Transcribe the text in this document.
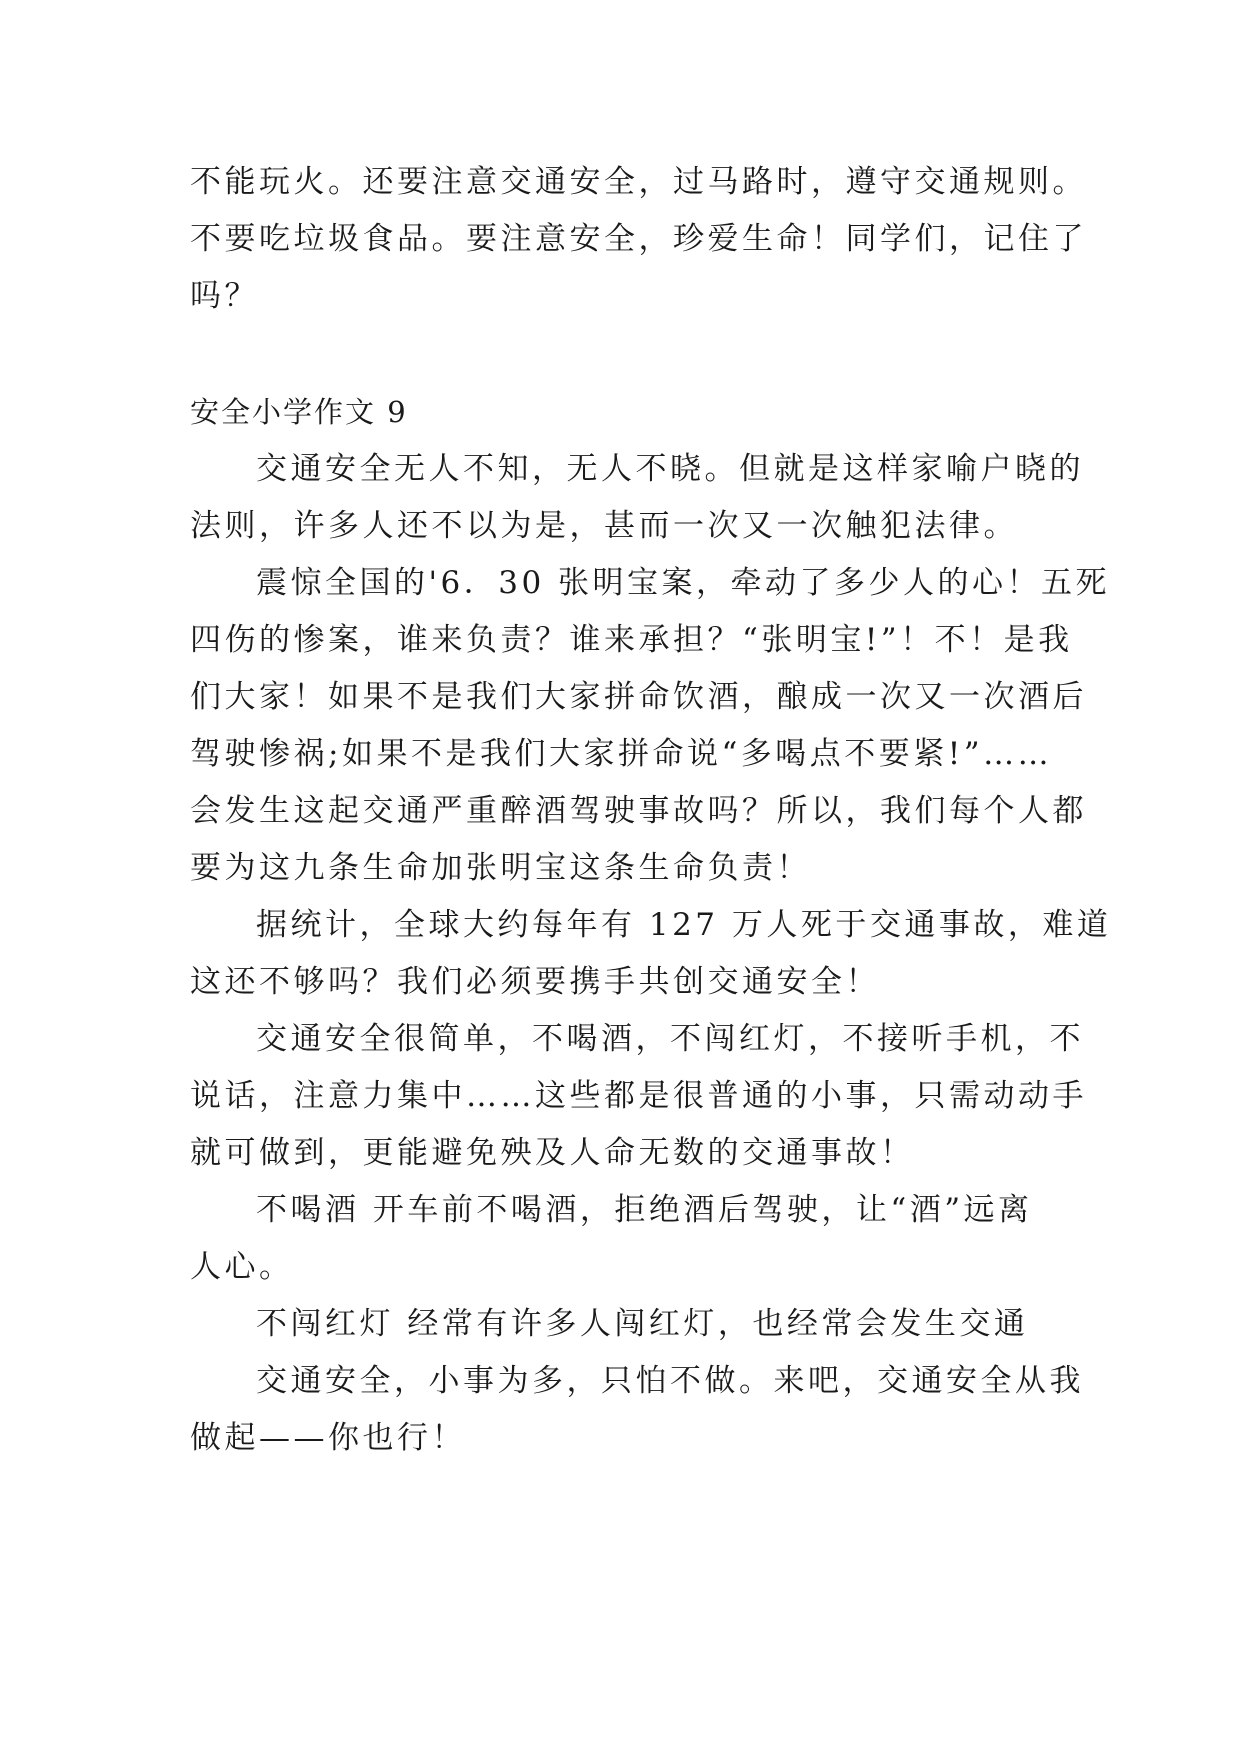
不能玩火。还要注意交通安全，过马路时，遵守交通规则。
不要吃垃圾食品。要注意安全，珍爱生命！同学们，记住了
吗？
安全小学作文 9
交通安全无人不知，无人不晓。但就是这样家喻户晓的
法则，许多人还不以为是，甚而一次又一次触犯法律。
震惊全国的'6．30 张明宝案，牵动了多少人的心！五死
四伤的惨案，谁来负责？谁来承担？“张明宝!”！不！是我
们大家！如果不是我们大家拼命饮酒，酿成一次又一次酒后
驾驶惨祸;如果不是我们大家拼命说“多喝点不要紧!”……
会发生这起交通严重醉酒驾驶事故吗？所以，我们每个人都
要为这九条生命加张明宝这条生命负责！
据统计，全球大约每年有 127 万人死于交通事故，难道
这还不够吗？我们必须要携手共创交通安全！
交通安全很简单，不喝酒，不闯红灯，不接听手机，不
说话，注意力集中……这些都是很普通的小事，只需动动手
就可做到，更能避免殃及人命无数的交通事故！
不喝酒 开车前不喝酒，拒绝酒后驾驶，让“酒”远离
人心。
不闯红灯 经常有许多人闯红灯，也经常会发生交通
交通安全，小事为多，只怕不做。来吧，交通安全从我
做起——你也行！
